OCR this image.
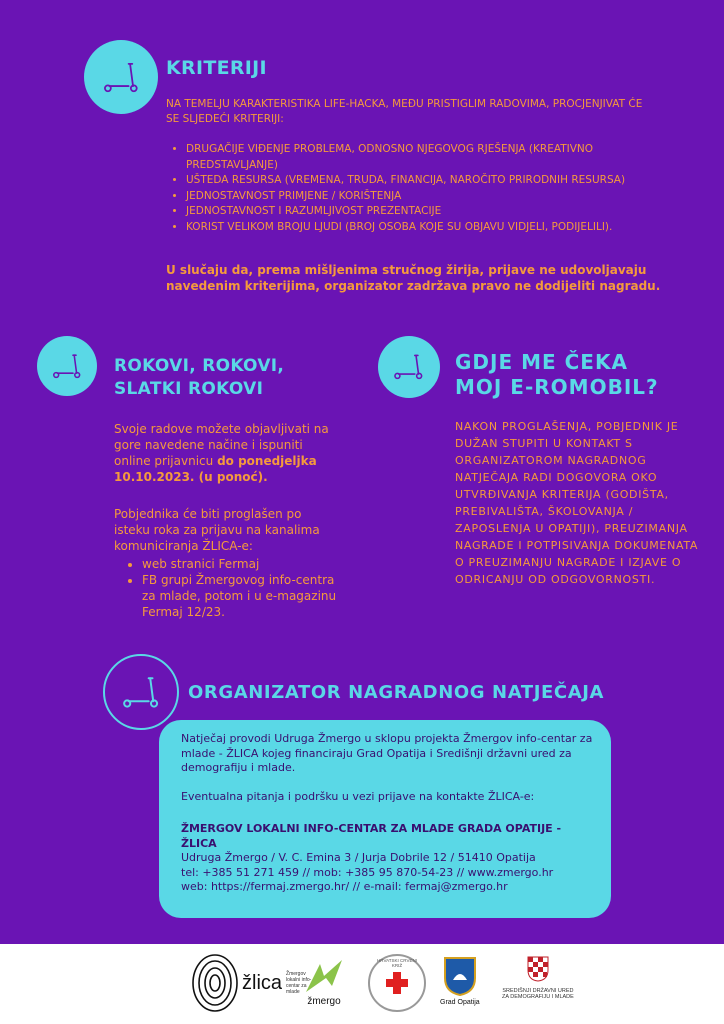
KRITERIJI
NA TEMELJU KARAKTERISTIKA LIFE-HACKA, MEĐU PRISTIGLIM RADOVIMA, PROCJENJIVAT ĆE SE SLJEDEĆI KRITERIJI:
• DRUGAČIJE VIĐENJE PROBLEMA, ODNOSNO NJEGOVOG RJEŠENJA (KREATIVNO PREDSTAVLJANJE)
• UŠTEDA RESURSA (VREMENA, TRUDA, FINANCIJA, NAROČITO PRIRODNIH RESURSA)
• JEDNOSTAVNOST PRIMJENE / KORIŠTENJA
• JEDNOSTAVNOST I RAZUMLJIVOST PREZENTACIJE
• KORIST VELIKOM BROJU LJUDI (BROJ OSOBA KOJE SU OBJAVU VIDJELI, PODIJELILI).
U slučaju da, prema mišljenima stručnog žirija, prijave ne udovoljavaju navedenim kriterijima, organizator zadržava pravo ne dodijeliti nagradu.
ROKOVI, ROKOVI,
SLATKI ROKOVI
Svoje radove možete objavljivati na gore navedene načine i ispuniti online prijavnicu do ponedjeljka 10.10.2023. (u ponoć).
Pobjednika će biti proglašen po isteku roka za prijavu na kanalima komuniciranja ŽLICA-e:
• web stranici Fermaj
• FB grupi Žmergovog info-centra za mlade, potom i u e-magazinu Fermaj 12/23.
GDJE ME ČEKA
MOJ E-ROMOBIL?
NAKON PROGLAŠENJA, POBJEDNIK JE DUŽAN STUPITI U KONTAKT S ORGANIZATOROM NAGRADNOG NATJEČAJA RADI DOGOVORA OKO UTVRĐIVANJA KRITERIJA (GODIŠTA, PREBIVALIŠTA, ŠKOLOVANJA / ZAPOSLENJA U OPATIJI), PREUZIMANJA NAGRADE I POTPISIVANJA DOKUMENATA O PREUZIMANJU NAGRADE I IZJAVE O ODRICANJU OD ODGOVORNOSTI.
ORGANIZATOR NAGRADNOG NATJEČAJA
Natječaj provodi Udruga Žmergo u sklopu projekta Žmergov info-centar za mlade - ŽLICA kojeg financiraju Grad Opatija i Središnji državni ured za demografiju i mlade.
Eventualna pitanja i podršku u vezi prijave na kontakte ŽLICA-e:
ŽMERGOV LOKALNI INFO-CENTAR ZA MLADE GRADA OPATIJE - ŽLICA
Udruga Žmergo / V. C. Emina 3 / Jurja Dobrile 12 / 51410 Opatija
tel: +385 51 271 459 // mob: +385 95 870-54-23 // www.zmergo.hr
web: https://fermaj.zmergo.hr/ // e-mail: fermaj@zmergo.hr
žlica Žmergov lokalni info-centar za mlade
žmergo
HRVATSKI CRVENI KRIŽ
Grad Opatija
SREDIŠNJI DRŽAVNI URED
ZA DEMOGRAFIJU I MLADE
